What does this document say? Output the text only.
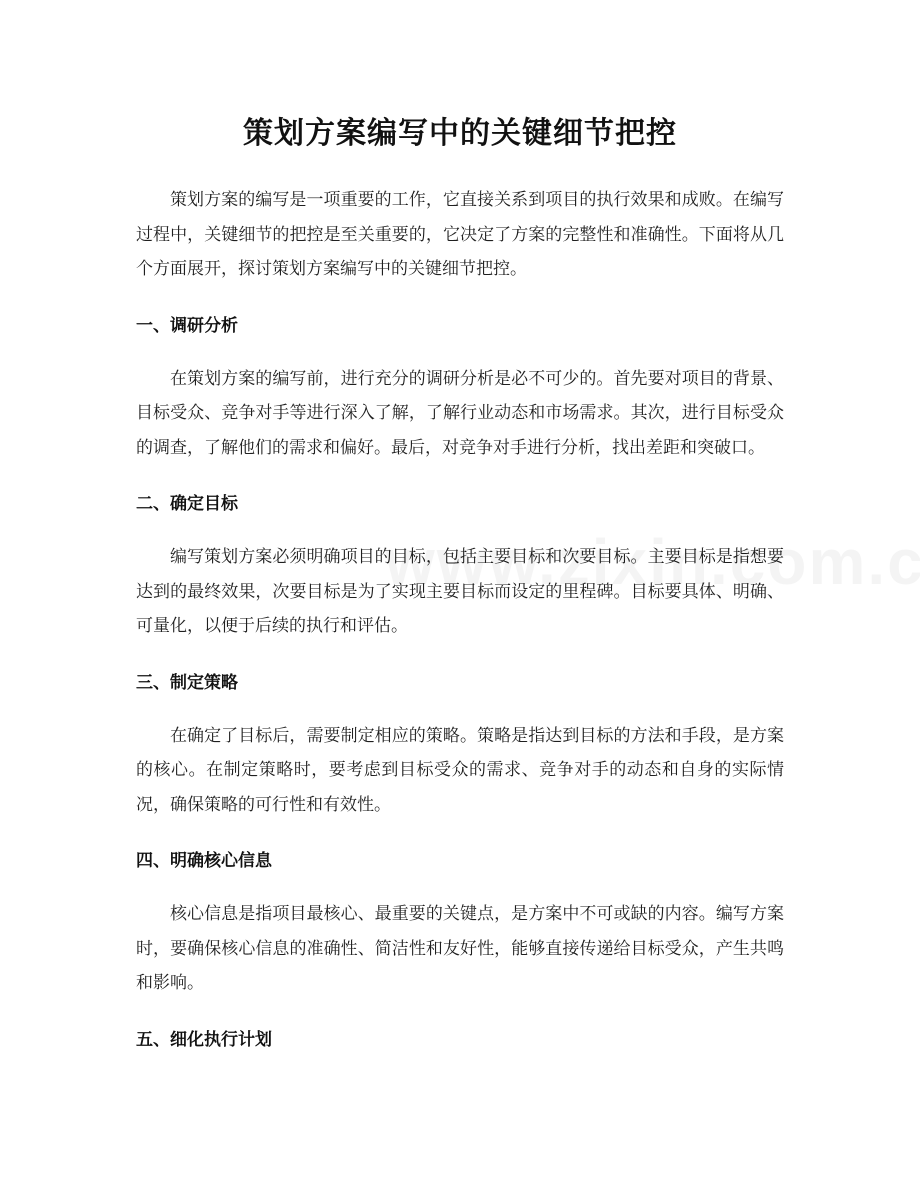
策划方案编写中的关键细节把控

策划方案的编写是一项重要的工作，它直接关系到项目的执行效果和成败。在编写过程中，关键细节的把控是至关重要的，它决定了方案的完整性和准确性。下面将从几个方面展开，探讨策划方案编写中的关键细节把控。

一、调研分析

在策划方案的编写前，进行充分的调研分析是必不可少的。首先要对项目的背景、目标受众、竞争对手等进行深入了解，了解行业动态和市场需求。其次，进行目标受众的调查，了解他们的需求和偏好。最后，对竞争对手进行分析，找出差距和突破口。

二、确定目标

编写策划方案必须明确项目的目标，包括主要目标和次要目标。主要目标是指想要达到的最终效果，次要目标是为了实现主要目标而设定的里程碑。目标要具体、明确、可量化，以便于后续的执行和评估。

三、制定策略

在确定了目标后，需要制定相应的策略。策略是指达到目标的方法和手段，是方案的核心。在制定策略时，要考虑到目标受众的需求、竞争对手的动态和自身的实际情况，确保策略的可行性和有效性。

四、明确核心信息

核心信息是指项目最核心、最重要的关键点，是方案中不可或缺的内容。编写方案时，要确保核心信息的准确性、简洁性和友好性，能够直接传递给目标受众，产生共鸣和影响。

五、细化执行计划
